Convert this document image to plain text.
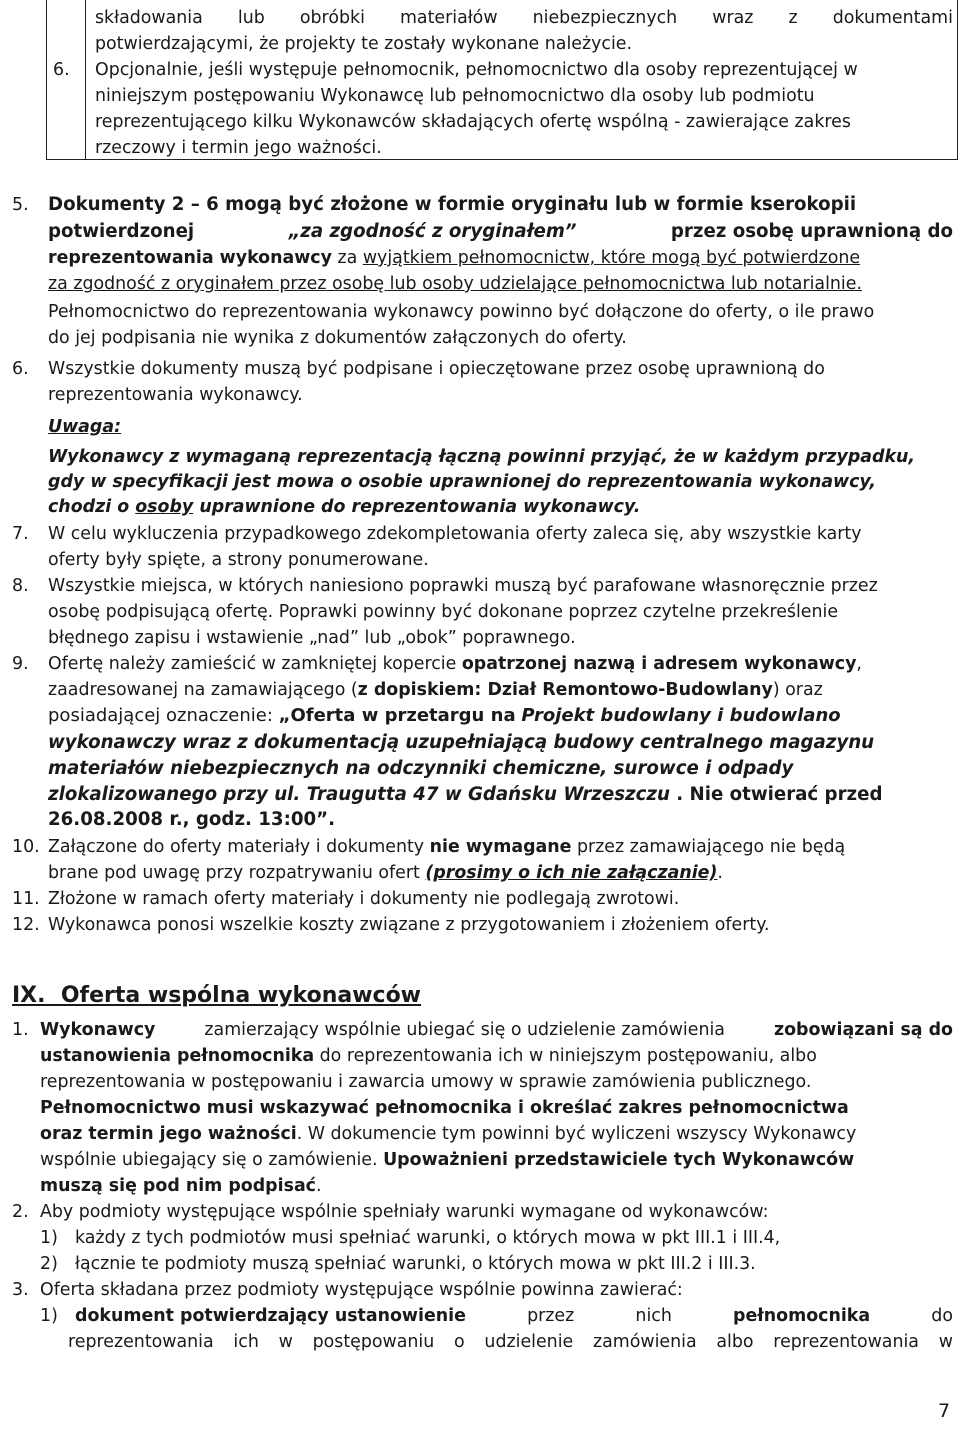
składowania lub obróbki materiałów niebezpiecznych wraz z dokumentami
potwierdzającymi, że projekty te zostały wykonane należycie.
6. Opcjonalnie, jeśli występuje pełnomocnik, pełnomocnictwo dla osoby reprezentującej w
niniejszym postępowaniu Wykonawcę lub pełnomocnictwo dla osoby lub podmiotu
reprezentującego kilku Wykonawców składających ofertę wspólną - zawierające zakres
rzeczowy i termin jego ważności.
5. Dokumenty 2 – 6 mogą być złożone w formie oryginału lub w formie kserokopii
potwierdzonej	„za zgodność z oryginałem”	przez osobę uprawnioną do
reprezentowania wykonawcy za wyjątkiem pełnomocnictw, które mogą być potwierdzone
za zgodność z oryginałem przez osobę lub osoby udzielające pełnomocnictwa lub notarialnie.
Pełnomocnictwo do reprezentowania wykonawcy powinno być dołączone do oferty, o ile prawo
do jej podpisania nie wynika z dokumentów załączonych do oferty.
6. Wszystkie dokumenty muszą być podpisane i opieczętowane przez osobę uprawnioną do
reprezentowania wykonawcy.
Uwaga:
Wykonawcy z wymaganą reprezentacją łączną powinni przyjąć, że w każdym przypadku,
gdy w specyfikacji jest mowa o osobie uprawnionej do reprezentowania wykonawcy,
chodzi o osoby uprawnione do reprezentowania wykonawcy.
7. W celu wykluczenia przypadkowego zdekompletowania oferty zaleca się, aby wszystkie karty
oferty były spięte, a strony ponumerowane.
8. Wszystkie miejsca, w których naniesiono poprawki muszą być parafowane własnoręcznie przez
osobę podpisującą ofertę. Poprawki powinny być dokonane poprzez czytelne przekreślenie
błędnego zapisu i wstawienie „nad” lub „obok” poprawnego.
9. Ofertę należy zamieścić w zamkniętej kopercie opatrzonej nazwą i adresem wykonawcy,
zaadresowanej na zamawiającego (z dopiskiem: Dział Remontowo-Budowlany) oraz
posiadającej oznaczenie: „Oferta w przetargu na Projekt budowlany i budowlano
wykonawczy wraz z dokumentacją uzupełniającą budowy centralnego magazynu
materiałów niebezpiecznych na odczynniki chemiczne, surowce i odpady
zlokalizowanego przy ul. Traugutta 47 w Gdańsku Wrzeszczu . Nie otwierać przed
26.08.2008 r., godz. 13:00”.
10. Załączone do oferty materiały i dokumenty nie wymagane przez zamawiającego nie będą
brane pod uwagę przy rozpatrywaniu ofert (prosimy o ich nie załączanie).
11. Złożone w ramach oferty materiały i dokumenty nie podlegają zwrotowi.
12. Wykonawca ponosi wszelkie koszty związane z przygotowaniem i złożeniem oferty.
IX.  Oferta wspólna wykonawców
1. Wykonawcy zamierzający wspólnie ubiegać się o udzielenie zamówienia zobowiązani są do
ustanowienia pełnomocnika do reprezentowania ich w niniejszym postępowaniu, albo
reprezentowania w postępowaniu i zawarcia umowy w sprawie zamówienia publicznego.
Pełnomocnictwo musi wskazywać pełnomocnika i określać zakres pełnomocnictwa
oraz termin jego ważności. W dokumencie tym powinni być wyliczeni wszyscy Wykonawcy
wspólnie ubiegający się o zamówienie. Upoważnieni przedstawiciele tych Wykonawców
muszą się pod nim podpisać.
2. Aby podmioty występujące wspólnie spełniały warunki wymagane od wykonawców:
1) każdy z tych podmiotów musi spełniać warunki, o których mowa w pkt III.1 i III.4,
2) łącznie te podmioty muszą spełniać warunki, o których mowa w pkt III.2 i III.3.
3. Oferta składana przez podmioty występujące wspólnie powinna zawierać:
1) dokument potwierdzający ustanowienie	przez	nich	pełnomocnika	do
reprezentowania ich w postępowaniu o udzielenie zamówienia albo reprezentowania w
7
